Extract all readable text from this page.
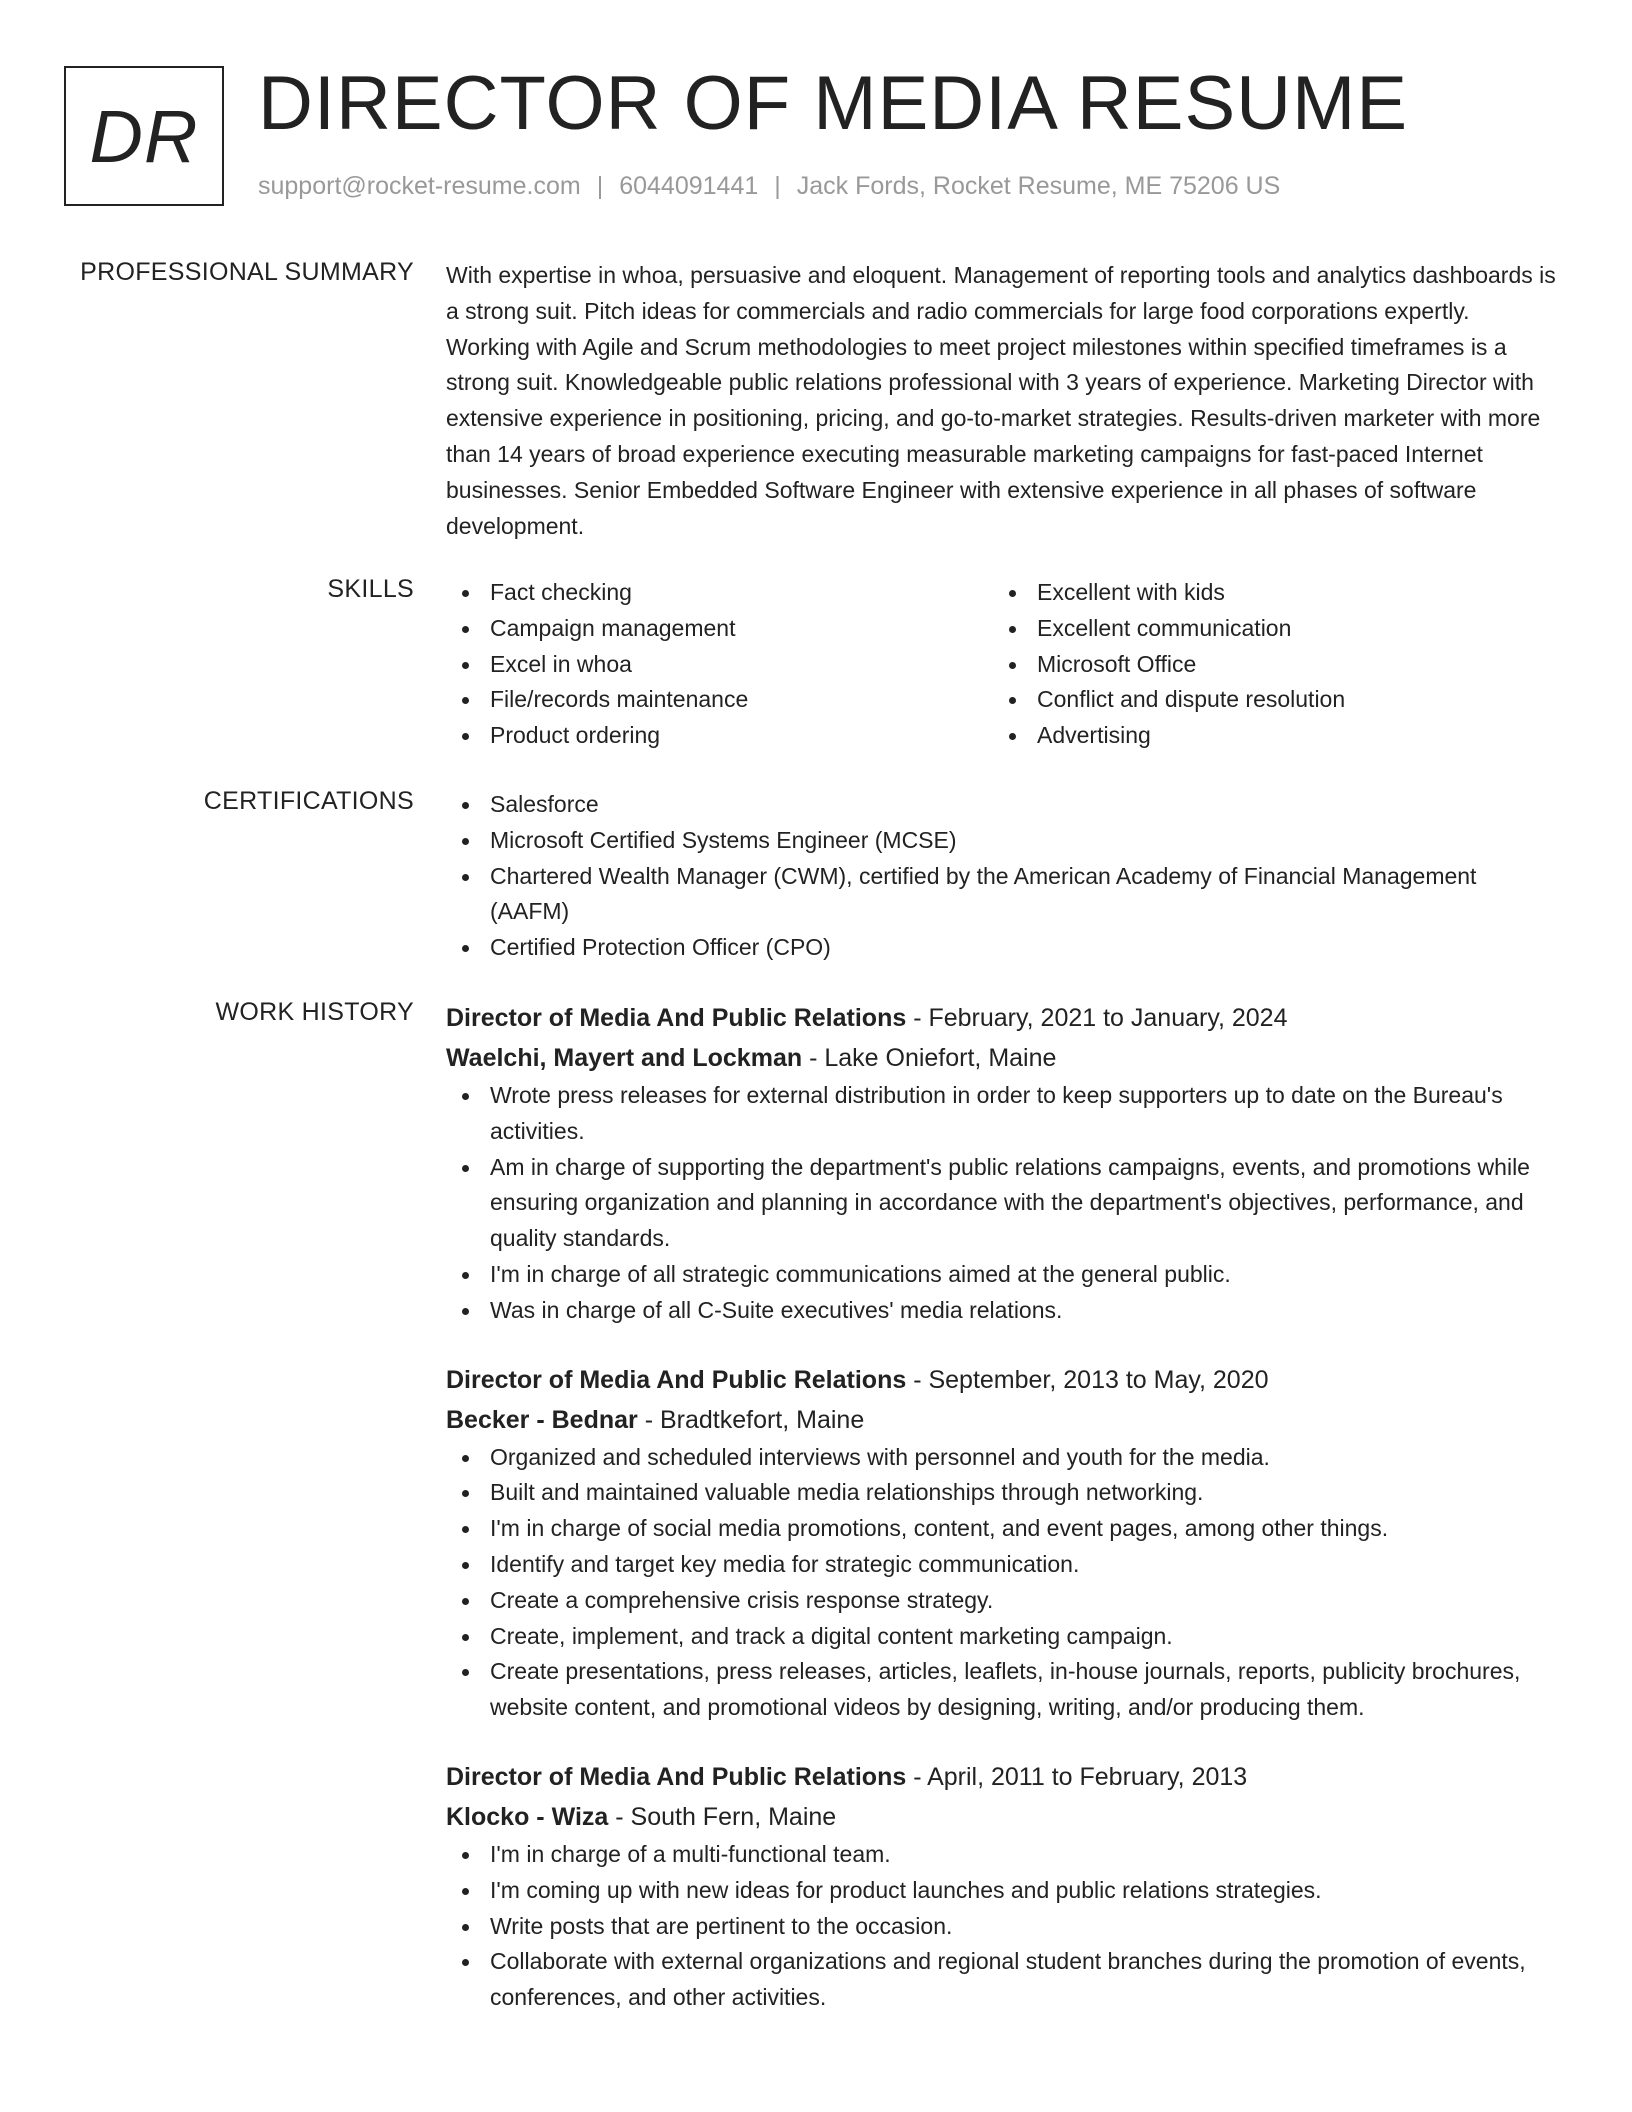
DR DIRECTOR OF MEDIA RESUME
support@rocket-resume.com | 6044091441 | Jack Fords, Rocket Resume, ME 75206 US
PROFESSIONAL SUMMARY With expertise in whoa, persuasive and eloquent. Management of reporting tools and analytics dashboards is a strong suit. Pitch ideas for commercials and radio commercials for large food corporations expertly. Working with Agile and Scrum methodologies to meet project milestones within specified timeframes is a strong suit. Knowledgeable public relations professional with 3 years of experience. Marketing Director with extensive experience in positioning, pricing, and go-to-market strategies. Results-driven marketer with more than 14 years of broad experience executing measurable marketing campaigns for fast-paced Internet businesses. Senior Embedded Software Engineer with extensive experience in all phases of software development.

SKILLS	Fact checking
Campaign management
Excel in whoa
File/records maintenance
Product ordering
Excellent with kids
Excellent communication
Microsoft Office
Conflict and dispute resolution
Advertising
CERTIFICATIONS	Salesforce
Microsoft Certified Systems Engineer (MCSE)
Chartered Wealth Manager (CWM), certified by the American Academy of Financial Management (AAFM)
Certified Protection Officer (CPO)
WORK HISTORY Director of Media And Public Relations - February, 2021 to January, 2024
Waelchi, Mayert and Lockman - Lake Oniefort, Maine
Wrote press releases for external distribution in order to keep supporters up to date on the Bureau's activities.
Am in charge of supporting the department's public relations campaigns, events, and promotions while ensuring organization and planning in accordance with the department's objectives, performance, and quality standards.
I'm in charge of all strategic communications aimed at the general public.
Was in charge of all C-Suite executives' media relations.
Director of Media And Public Relations - September, 2013 to May, 2020
Becker - Bednar - Bradtkefort, Maine
Organized and scheduled interviews with personnel and youth for the media.
Built and maintained valuable media relationships through networking.
I'm in charge of social media promotions, content, and event pages, among other things.
Identify and target key media for strategic communication.
Create a comprehensive crisis response strategy.
Create, implement, and track a digital content marketing campaign.
Create presentations, press releases, articles, leaflets, in-house journals, reports, publicity brochures, website content, and promotional videos by designing, writing, and/or producing them.
Director of Media And Public Relations - April, 2011 to February, 2013
Klocko - Wiza - South Fern, Maine
I'm in charge of a multi-functional team.
I'm coming up with new ideas for product launches and public relations strategies.
Write posts that are pertinent to the occasion.
Collaborate with external organizations and regional student branches during the promotion of events, conferences, and other activities.
